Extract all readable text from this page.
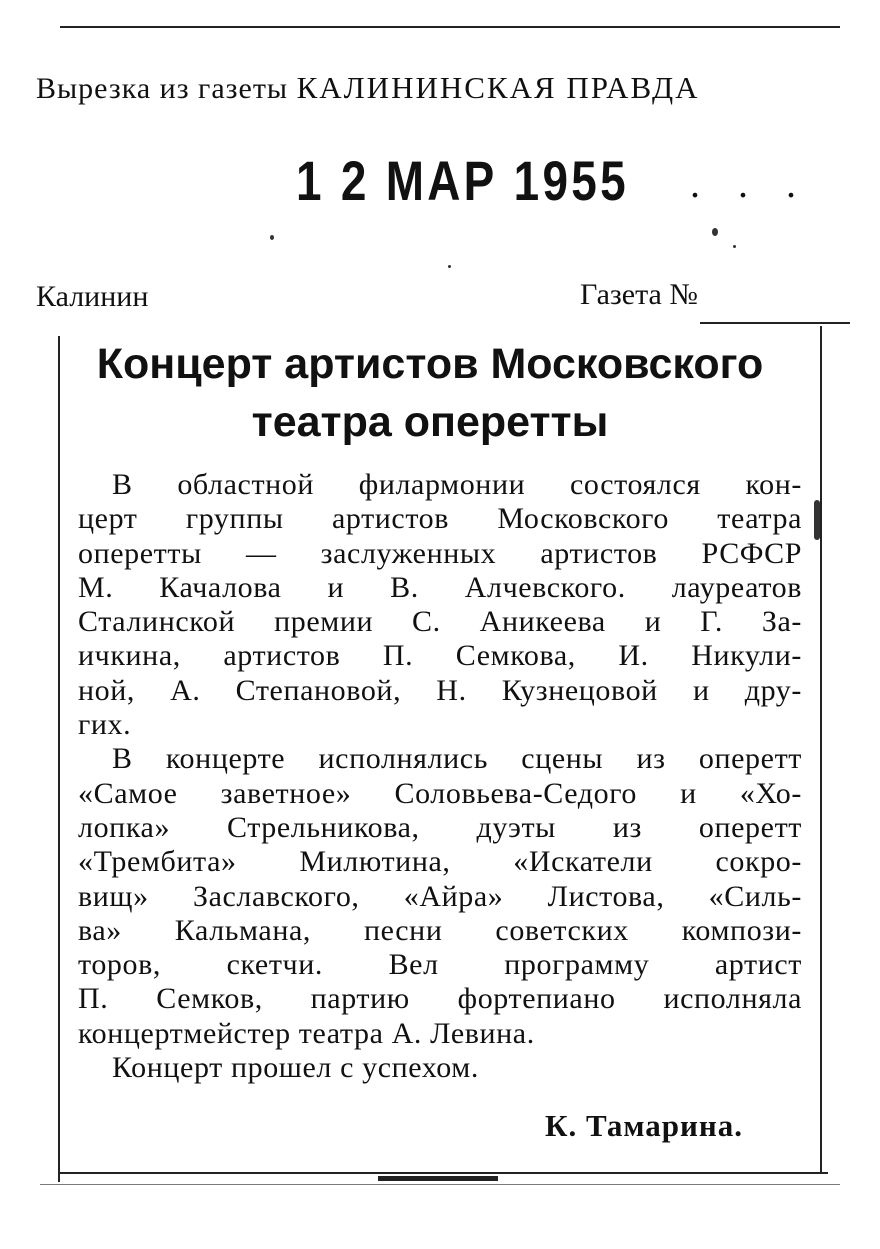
Вырезка из газеты КАЛИНИНСКАЯ ПРАВДА
1 2 МАР 1955 . . .
Калинин	Газета №
Концерт артистов Московского
театра оперетты
В областной филармонии состоялся кон-
церт группы артистов Московского театра
оперетты — заслуженных артистов РСФСР
М. Качалова и В. Алчевского. лауреатов
Сталинской премии С. Аникеева и Г. За-
ичкина, артистов П. Семкова, И. Никули-
ной, А. Степановой, Н. Кузнецовой и дру-
гих.
В концерте исполнялись сцены из оперетт
«Самое заветное» Соловьева-Седого и «Хо-
лопка» Стрельникова, дуэты из оперетт
«Трембита» Милютина, «Искатели сокро-
вищ» Заславского, «Айра» Листова, «Силь-
ва» Кальмана, песни советских компози-
торов, скетчи. Вел программу артист
П. Семков, партию фортепиано исполняла
концертмейстер театра А. Левина.
Концерт прошел с успехом.
К. Тамарина.
